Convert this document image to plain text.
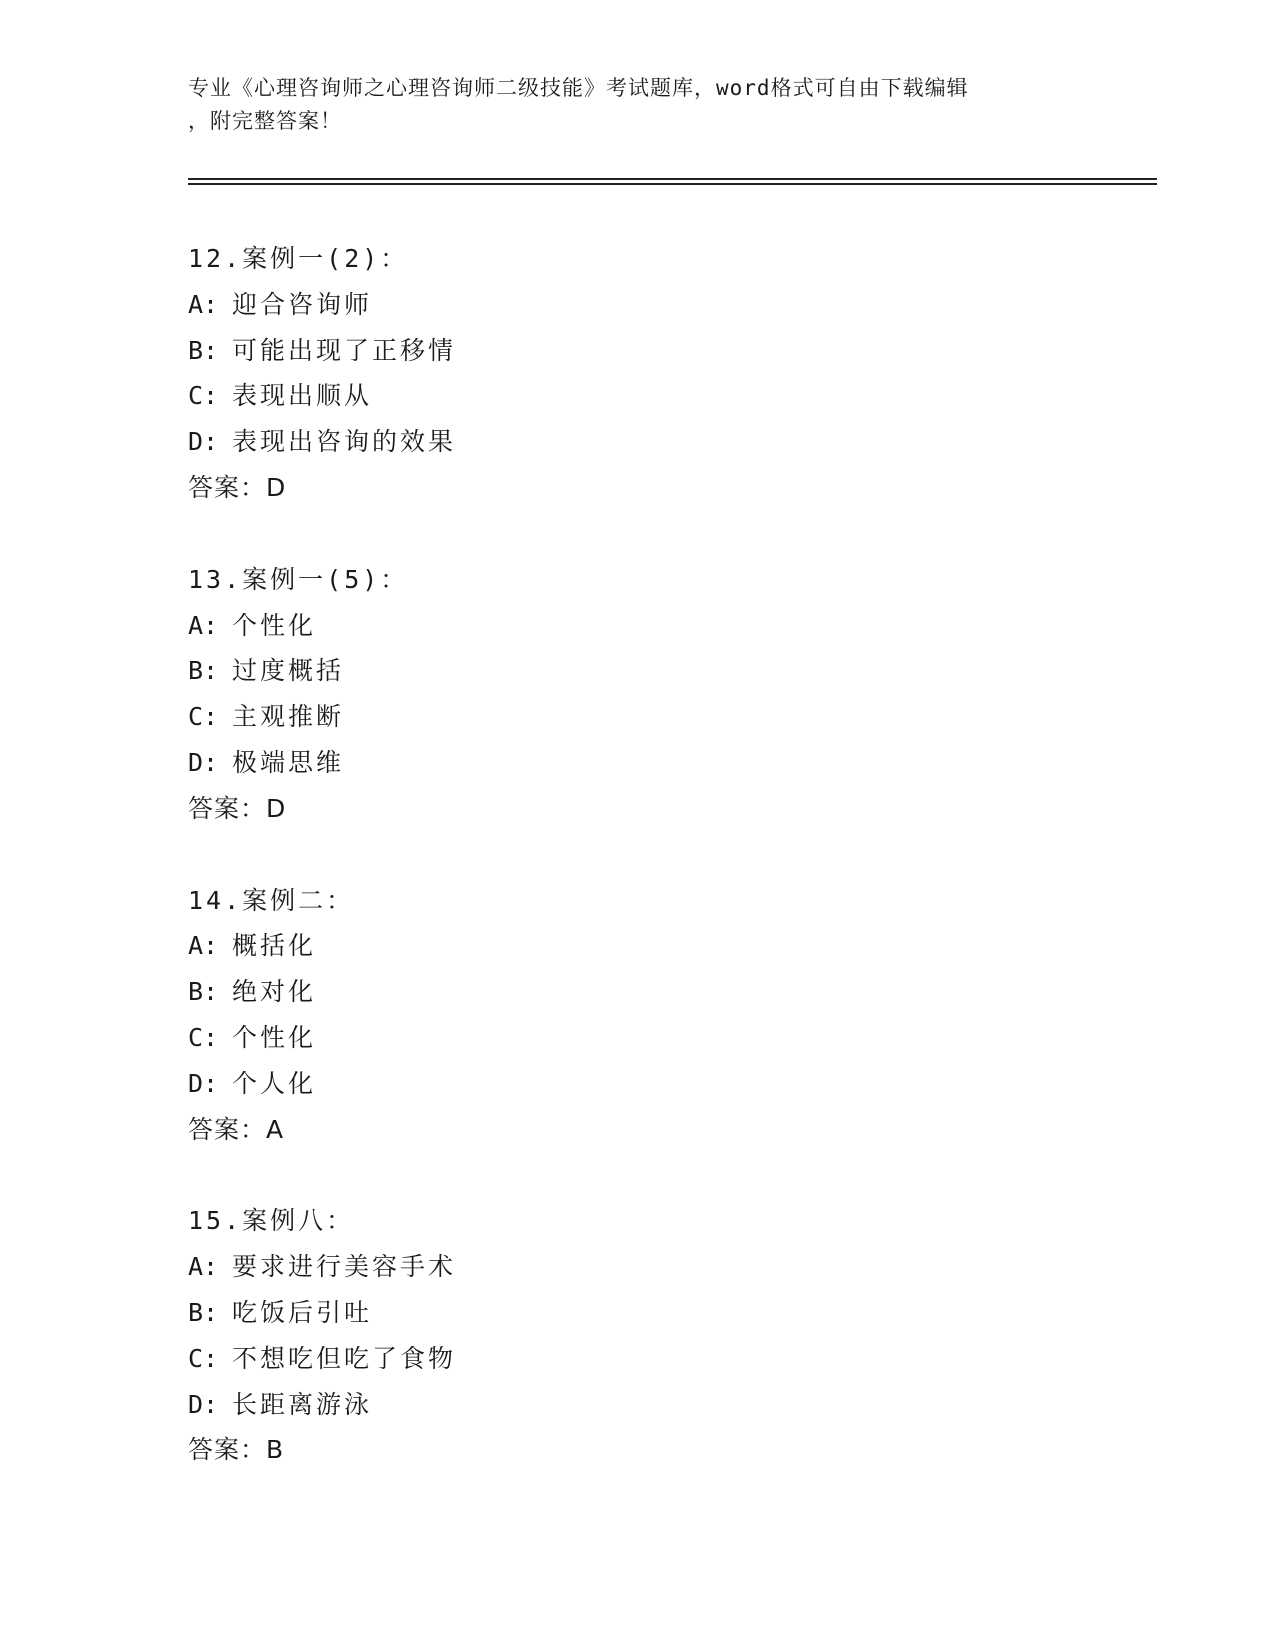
专业《心理咨询师之心理咨询师二级技能》考试题库，word格式可自由下载编辑
，附完整答案！
12.案例一(2)：
A: 迎合咨询师
B: 可能出现了正移情
C: 表现出顺从
D: 表现出咨询的效果
答案：D
13.案例一(5)：
A: 个性化
B: 过度概括
C: 主观推断
D: 极端思维
答案：D
14.案例二：
A: 概括化
B: 绝对化
C: 个性化
D: 个人化
答案：A
15.案例八：
A: 要求进行美容手术
B: 吃饭后引吐
C: 不想吃但吃了食物
D: 长距离游泳
答案：B
